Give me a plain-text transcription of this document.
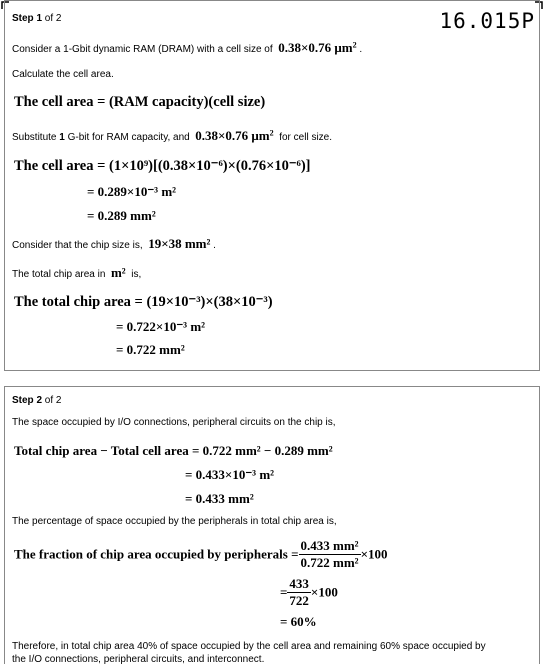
Step 1 of 2	16.015P
Consider a 1-Gbit dynamic RAM (DRAM) with a cell size of 0.38×0.76 $\mu m^2$ .
Calculate the cell area.
The cell area = (RAM capacity)(cell size)
Substitute 1 G-bit for RAM capacity, and 0.38×0.76 $\mu m^2$ for cell size.
The cell area = (1×10⁹)[(0.38×10⁻⁶)×(0.76×10⁻⁶)]
= 0.289×10⁻³ m²
= 0.289 mm²
Consider that the chip size is, 19×38 mm² .
The total chip area in m² is,
The total chip area = (19×10⁻³)×(38×10⁻³)
= 0.722×10⁻³ m²
= 0.722 mm²
Step 2 of 2
The space occupied by I/O connections, peripheral circuits on the chip is,
Total chip area − Total cell area = 0.722 mm² − 0.289 mm²
= 0.433×10⁻³ m²
= 0.433 mm²
The percentage of space occupied by the peripherals in total chip area is,
The fraction of chip area occupied by peripherals = $\frac{\text{0.433 mm²}}{\text{0.722 mm²}} \times 100$
= $\frac{433}{722} \times 100$
= 60%
Therefore, in total chip area 40% of space occupied by the cell area and remaining 60% space occupied by
the I/O connections, peripheral circuits, and interconnect.
